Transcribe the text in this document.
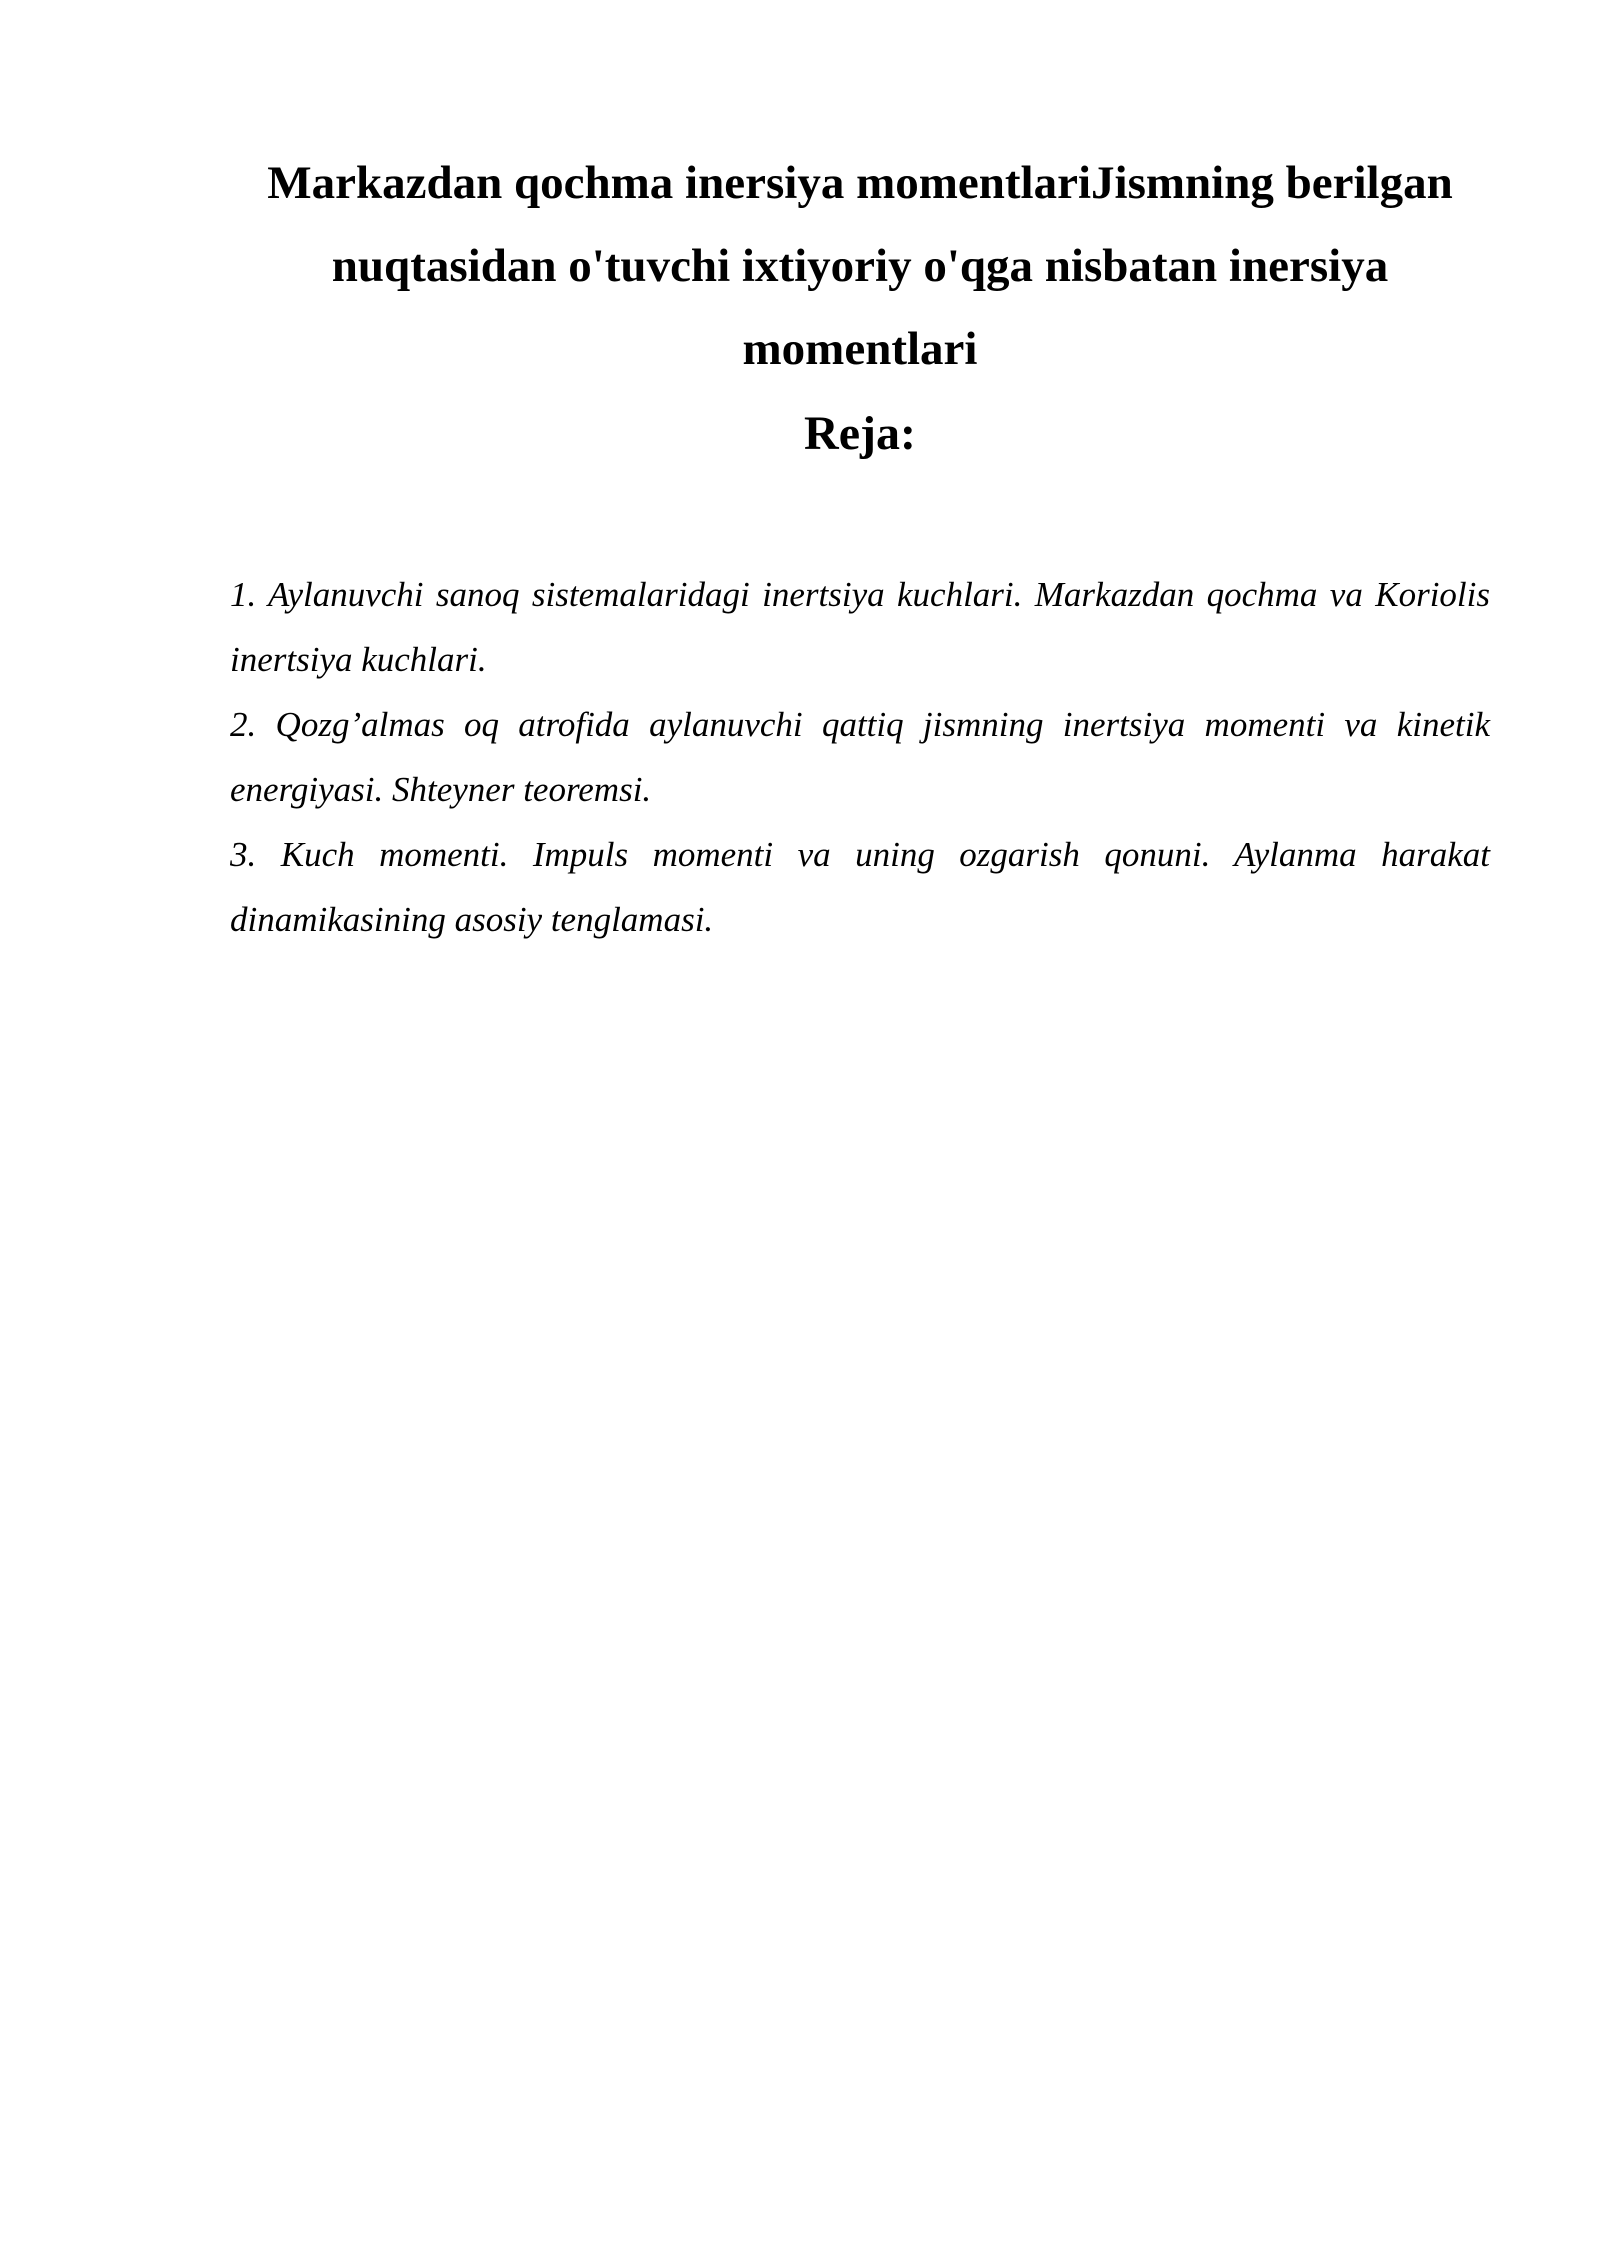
Markazdan qochma inersiya momentlariJismning berilgan nuqtasidan o'tuvchi ixtiyoriy o'qga nisbatan inersiya momentlari
Reja:
1. Aylanuvchi sanoq sistemalaridagi inertsiya kuchlari. Markazdan qochma va Koriolis inertsiya kuchlari.
2. Qozg’almas oq atrofida aylanuvchi qattiq jismning inertsiya momenti va kinetik energiyasi. Shteyner teoremsi.
3. Kuch momenti. Impuls momenti va uning ozgarish qonuni. Aylanma harakat dinamikasining asosiy tenglamasi.
